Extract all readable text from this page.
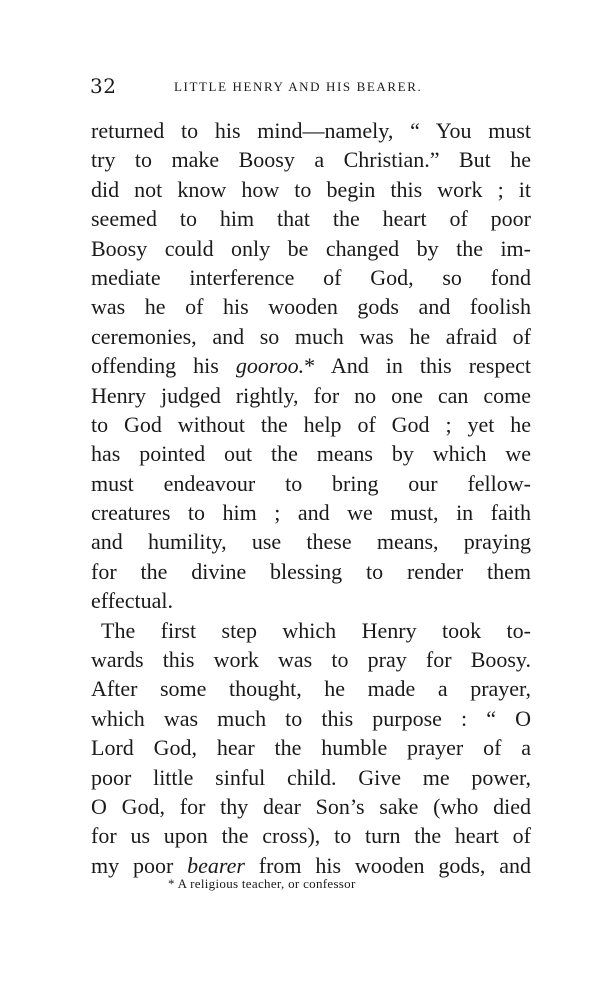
32	LITTLE HENRY AND HIS BEARER.
returned to his mind—namely, “ You must
try to make Boosy a Christian.” But he
did not know how to begin this work ; it
seemed to him that the heart of poor
Boosy could only be changed by the im-
mediate interference of God, so fond
was he of his wooden gods and foolish
ceremonies, and so much was he afraid of
offending his gooroo.* And in this respect
Henry judged rightly, for no one can come
to God without the help of God ; yet he
has pointed out the means by which we
must endeavour to bring our fellow-
creatures to him ; and we must, in faith
and humility, use these means, praying
for the divine blessing to render them
effectual.
The first step which Henry took to-
wards this work was to pray for Boosy.
After some thought, he made a prayer,
which was much to this purpose : “ O
Lord God, hear the humble prayer of a
poor little sinful child. Give me power,
O God, for thy dear Son’s sake (who died
for us upon the cross), to turn the heart of
my poor bearer from his wooden gods, and
* A religious teacher, or confessor
